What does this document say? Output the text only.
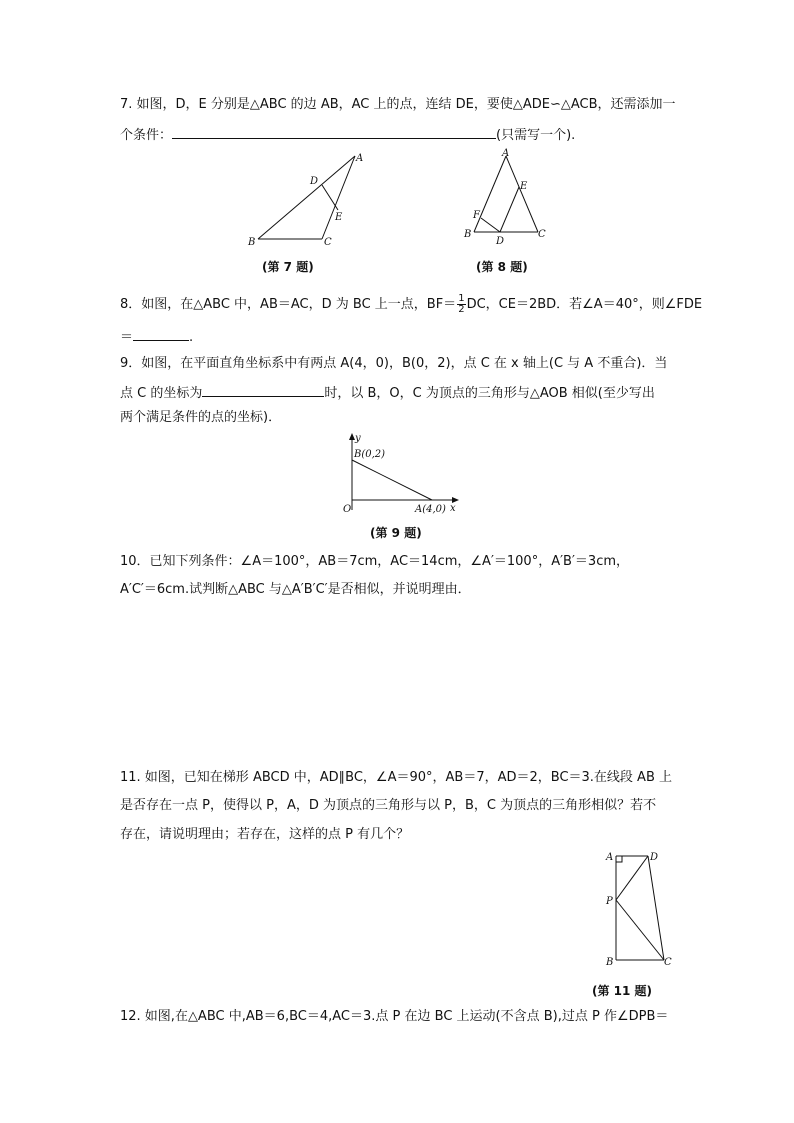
7. 如图，D，E 分别是△ABC 的边 AB，AC 上的点，连结 DE，要使△ADE∽△ACB，还需添加一
个条件：	(只需写一个).
A
B	C
D
E
(第 7 题)
A
B	C
D
E
F
(第 8 题)
8．如图，在△ABC 中，AB＝AC，D 为 BC 上一点，$BF= \frac{1}{2}$ DC，CE＝2BD．若∠A＝40°，则∠FDE
＝	.
9．如图，在平面直角坐标系中有两点 A(4，0)，B(0，2)，点 C 在 x 轴上(C 与 A 不重合)．当
点 C 的坐标为	时，以 B，O，C 为顶点的三角形与△AOB 相似(至少写出
两个满足条件的点的坐标)．
y
x
O
B(0,2)
A(4,0)
(第 9 题)
10．已知下列条件：∠A＝100°，AB＝7cm，AC＝14cm，∠A′＝100°，A′B′＝3cm，
A′C′＝6cm.试判断△ABC 与△A′B′C′是否相似，并说明理由．
11. 如图，已知在梯形 ABCD 中，AD∥BC，∠A＝90°，AB＝7，AD＝2，BC＝3.在线段 AB 上
是否存在一点 P，使得以 P，A，D 为顶点的三角形与以 P，B，C 为顶点的三角形相似？若不
存在，请说明理由；若存在，这样的点 P 有几个？
A	D
P
B	C
(第 11 题)
12. 如图,在△ABC 中,AB＝6,BC＝4,AC＝3.点 P 在边 BC 上运动(不含点 B),过点 P 作∠DPB＝
